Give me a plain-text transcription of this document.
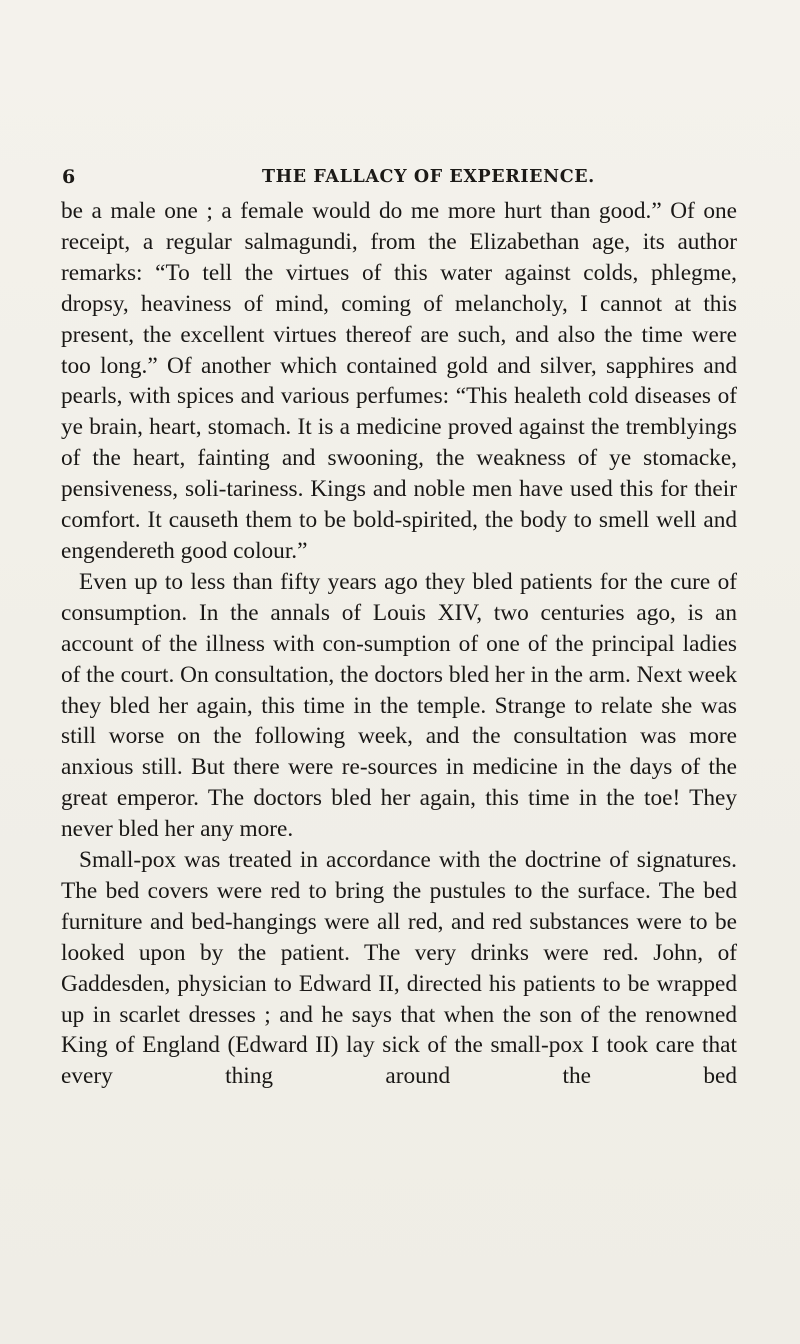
6	THE FALLACY OF EXPERIENCE.

be a male one ; a female would do me more hurt than good.” Of one receipt, a regular salmagundi, from the Elizabethan age, its author remarks: “To tell the virtues of this water against colds, phlegme, dropsy, heaviness of mind, coming of melancholy, I cannot at this present, the excellent virtues thereof are such, and also the time were too long.” Of another which contained gold and silver, sapphires and pearls, with spices and various perfumes: “This healeth cold diseases of ye brain, heart, stomach. It is a medicine proved against the tremblyings of the heart, fainting and swooning, the weakness of ye stomacke, pensiveness, soli-tariness. Kings and noble men have used this for their comfort. It causeth them to be bold-spirited, the body to smell well and engendereth good colour.”

Even up to less than fifty years ago they bled patients for the cure of consumption. In the annals of Louis XIV, two centuries ago, is an account of the illness with con-sumption of one of the principal ladies of the court. On consultation, the doctors bled her in the arm. Next week they bled her again, this time in the temple. Strange to relate she was still worse on the following week, and the consultation was more anxious still. But there were re-sources in medicine in the days of the great emperor. The doctors bled her again, this time in the toe! They never bled her any more.

Small-pox was treated in accordance with the doctrine of signatures. The bed covers were red to bring the pustules to the surface. The bed furniture and bed-hangings were all red, and red substances were to be looked upon by the patient. The very drinks were red. John, of Gaddesden, physician to Edward II, directed his patients to be wrapped up in scarlet dresses ; and he says that when the son of the renowned King of England (Edward II) lay sick of the small-pox I took care that every thing around the bed
